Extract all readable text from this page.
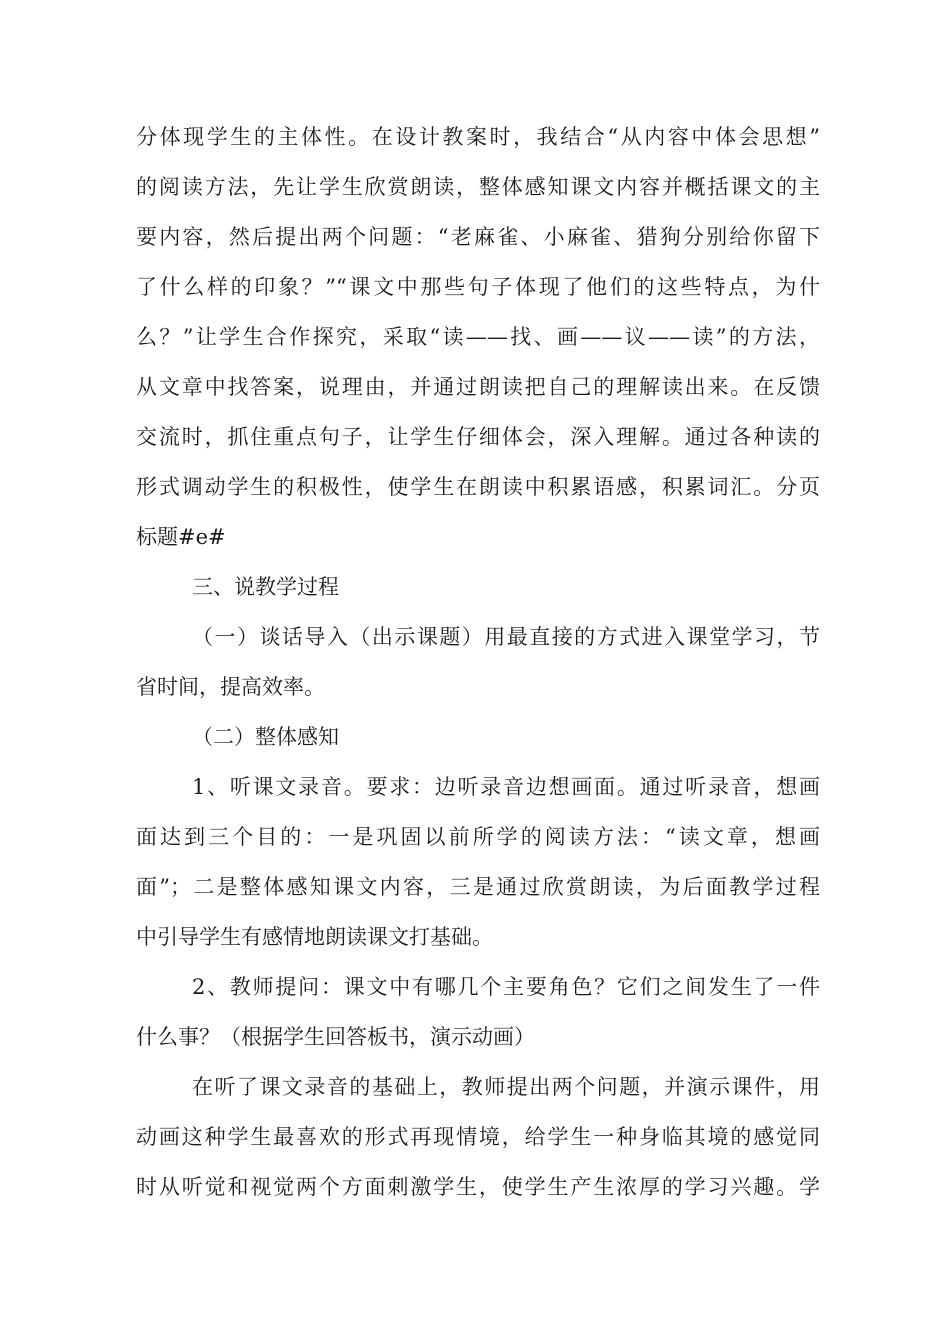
分体现学生的主体性。在设计教案时，我结合“从内容中体会思想”
的阅读方法，先让学生欣赏朗读，整体感知课文内容并概括课文的主
要内容，然后提出两个问题：“老麻雀、小麻雀、猎狗分别给你留下
了什么样的印象？”“课文中那些句子体现了他们的这些特点，为什
么？”让学生合作探究，采取“读——找、画——议——读”的方法，
从文章中找答案，说理由，并通过朗读把自己的理解读出来。在反馈
交流时，抓住重点句子，让学生仔细体会，深入理解。通过各种读的
形式调动学生的积极性，使学生在朗读中积累语感，积累词汇。分页
标题#e#
三、说教学过程
（一）谈话导入（出示课题）用最直接的方式进入课堂学习，节
省时间，提高效率。
（二）整体感知
1、听课文录音。要求：边听录音边想画面。通过听录音，想画
面达到三个目的：一是巩固以前所学的阅读方法：“读文章，想画
面”；二是整体感知课文内容，三是通过欣赏朗读，为后面教学过程
中引导学生有感情地朗读课文打基础。
2、教师提问：课文中有哪几个主要角色？它们之间发生了一件
什么事？（根据学生回答板书，演示动画）
在听了课文录音的基础上，教师提出两个问题，并演示课件，用
动画这种学生最喜欢的形式再现情境，给学生一种身临其境的感觉同
时从听觉和视觉两个方面刺激学生，使学生产生浓厚的学习兴趣。学
